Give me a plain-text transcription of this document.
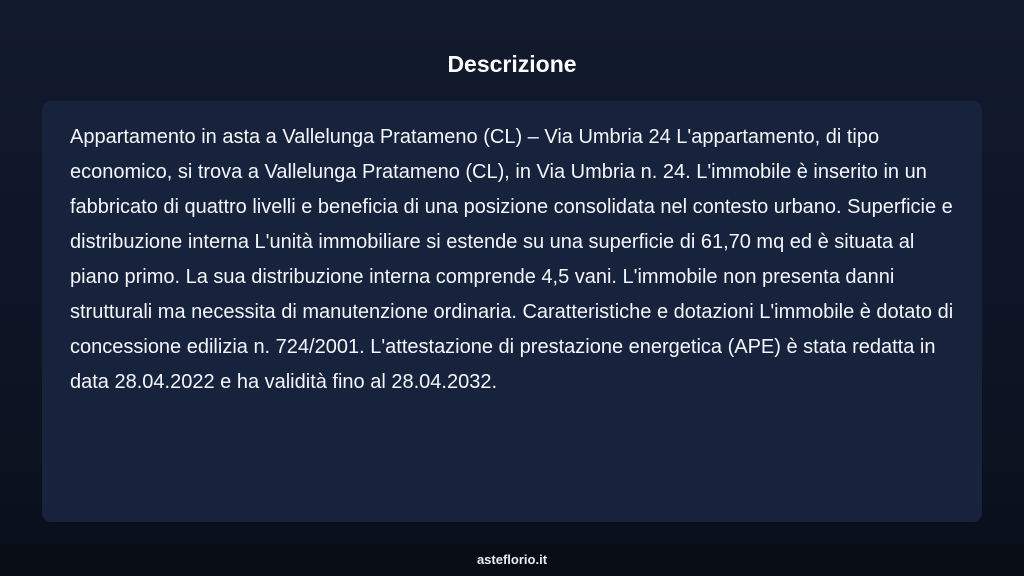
Descrizione

Appartamento in asta a Vallelunga Pratameno (CL) – Via Umbria 24 L'appartamento, di tipo economico, si trova a Vallelunga Pratameno (CL), in Via Umbria n. 24. L'immobile è inserito in un fabbricato di quattro livelli e beneficia di una posizione consolidata nel contesto urbano. Superficie e distribuzione interna L'unità immobiliare si estende su una superficie di 61,70 mq ed è situata al piano primo. La sua distribuzione interna comprende 4,5 vani. L'immobile non presenta danni strutturali ma necessita di manutenzione ordinaria. Caratteristiche e dotazioni L'immobile è dotato di concessione edilizia n. 724/2001. L'attestazione di prestazione energetica (APE) è stata redatta in data 28.04.2022 e ha validità fino al 28.04.2032.

asteflorio.it
